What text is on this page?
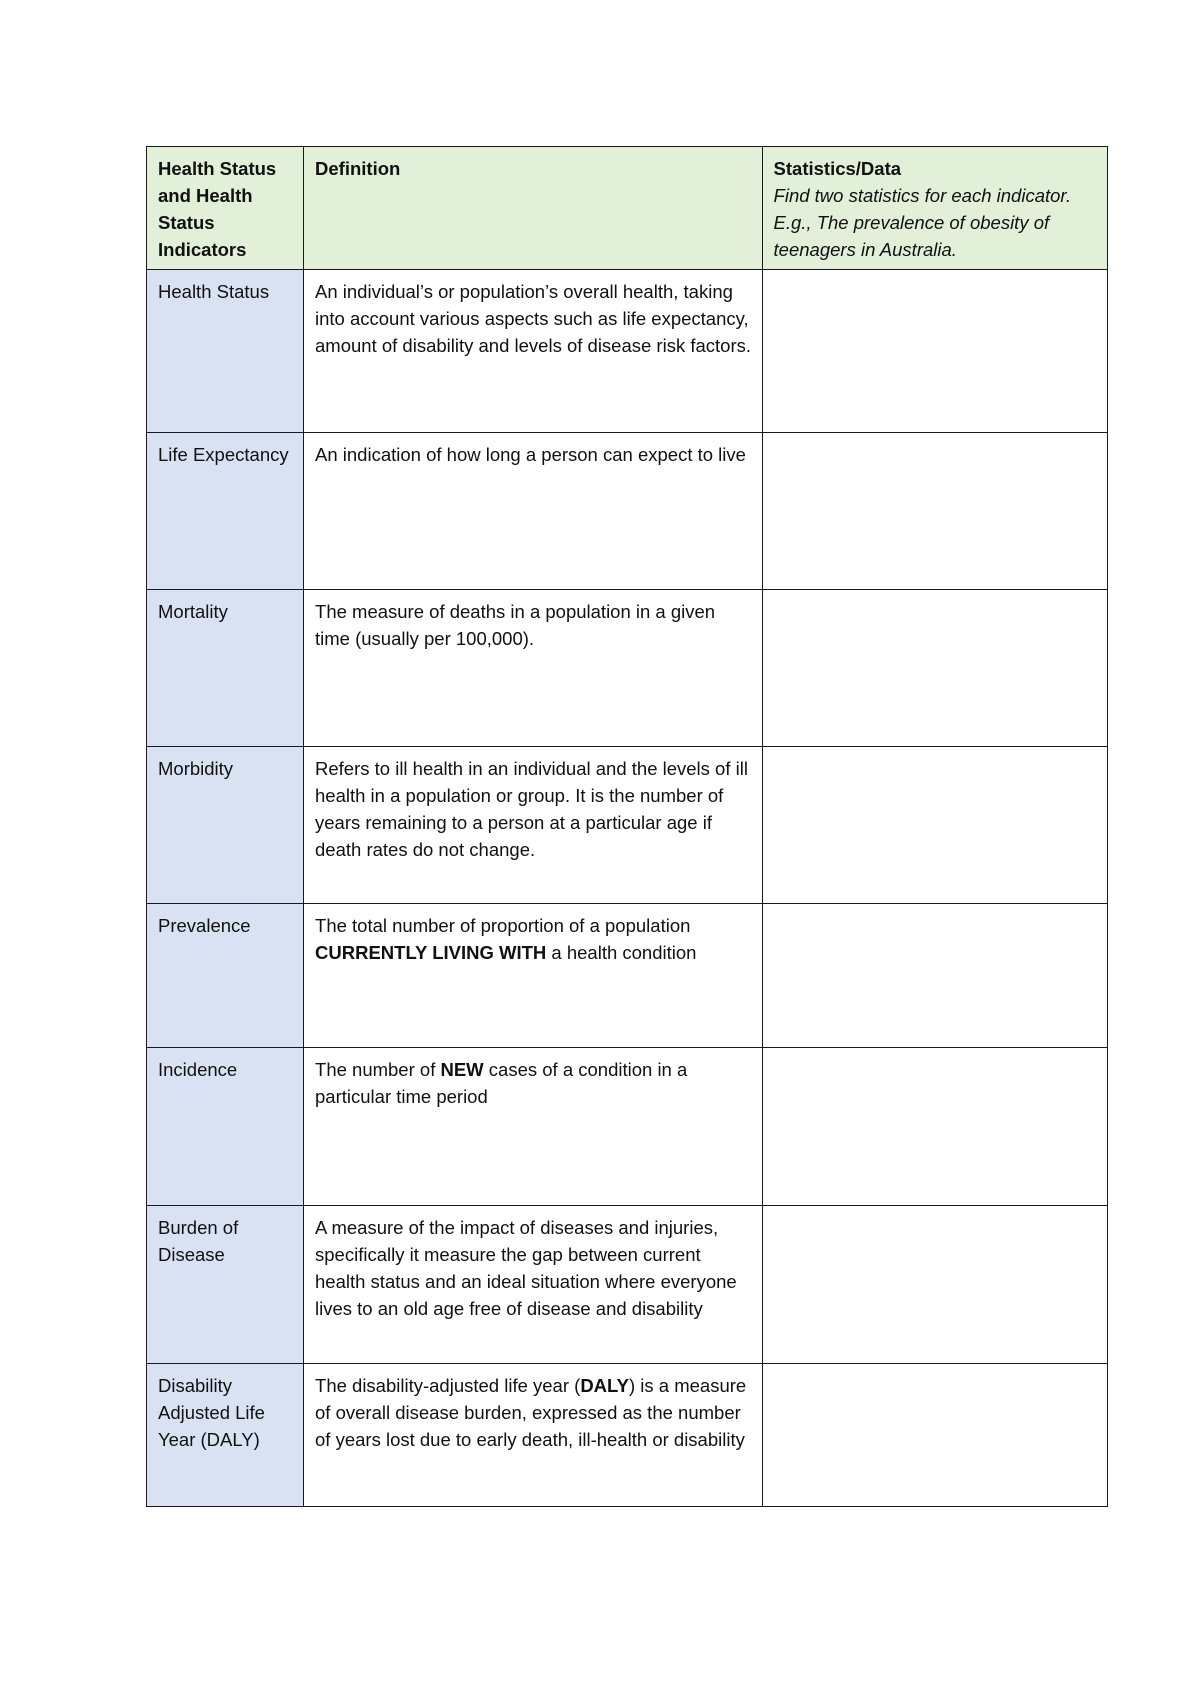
Health Status and Health Status Indicators	Definition	Statistics/Data
Find two statistics for each indicator. E.g., The prevalence of obesity of teenagers in Australia.

Health Status	An individual’s or population’s overall health, taking into account various aspects such as life expectancy, amount of disability and levels of disease risk factors.	
Life Expectancy	An indication of how long a person can expect to live	
Mortality	The measure of deaths in a population in a given time (usually per 100,000).	
Morbidity	Refers to ill health in an individual and the levels of ill health in a population or group. It is the number of years remaining to a person at a particular age if death rates do not change.	
Prevalence	The total number of proportion of a population CURRENTLY LIVING WITH a health condition	
Incidence	The number of NEW cases of a condition in a particular time period	
Burden of Disease	A measure of the impact of diseases and injuries, specifically it measure the gap between current health status and an ideal situation where everyone lives to an old age free of disease and disability	
Disability Adjusted Life Year (DALY)	The disability-adjusted life year (DALY) is a measure of overall disease burden, expressed as the number of years lost due to early death, ill-health or disability	
